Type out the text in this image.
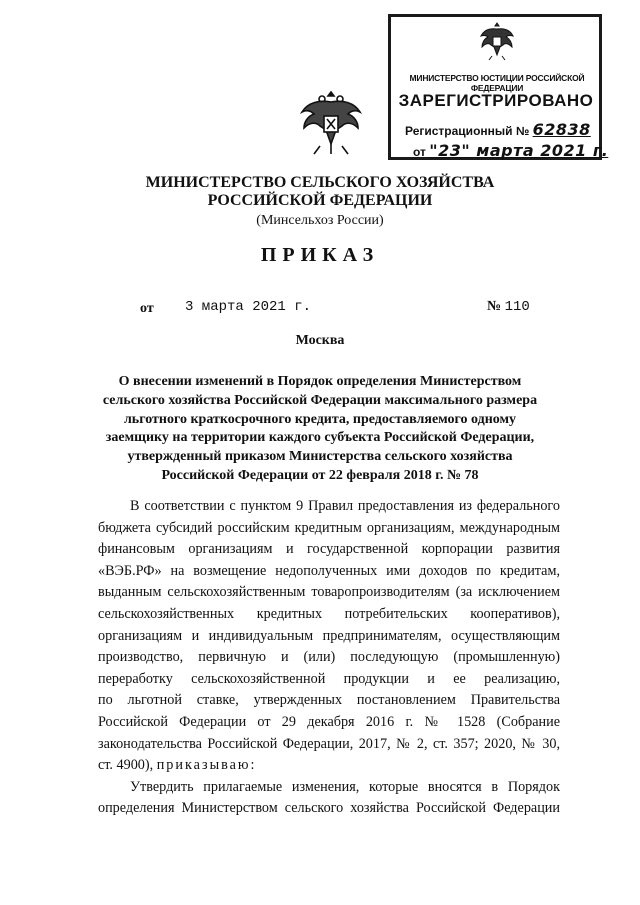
МИНИСТЕРСТВО ЮСТИЦИИ РОССИЙСКОЙ ФЕДЕРАЦИИ
ЗАРЕГИСТРИРОВАНО
Регистрационный № 62838
от "23" марта 2021 г.
МИНИСТЕРСТВО СЕЛЬСКОГО ХОЗЯЙСТВА
РОССИЙСКОЙ ФЕДЕРАЦИИ
(Минсельхоз России)
ПРИКАЗ
от 3 марта 2021 г.	№ 110
Москва
О внесении изменений в Порядок определения Министерством
сельского хозяйства Российской Федерации максимального размера
льготного краткосрочного кредита, предоставляемого одному
заемщику на территории каждого субъекта Российской Федерации,
утвержденный приказом Министерства сельского хозяйства
Российской Федерации от 22 февраля 2018 г. № 78
В соответствии с пунктом 9 Правил предоставления из федерального
бюджета субсидий российским кредитным организациям, международным
финансовым организациям и государственной корпорации развития
«ВЭБ.РФ» на возмещение недополученных ими доходов по кредитам,
выданным сельскохозяйственным товаропроизводителям (за исключением
сельскохозяйственных кредитных потребительских кооперативов),
организациям и индивидуальным предпринимателям, осуществляющим
производство, первичную и (или) последующую (промышленную)
переработку сельскохозяйственной продукции и ее реализацию,
по льготной ставке, утвержденных постановлением Правительства
Российской Федерации от 29 декабря 2016 г. № 1528 (Собрание
законодательства Российской Федерации, 2017, № 2, ст. 357; 2020, № 30,
ст. 4900), приказываю:
Утвердить прилагаемые изменения, которые вносятся в Порядок
определения Министерством сельского хозяйства Российской Федерации
